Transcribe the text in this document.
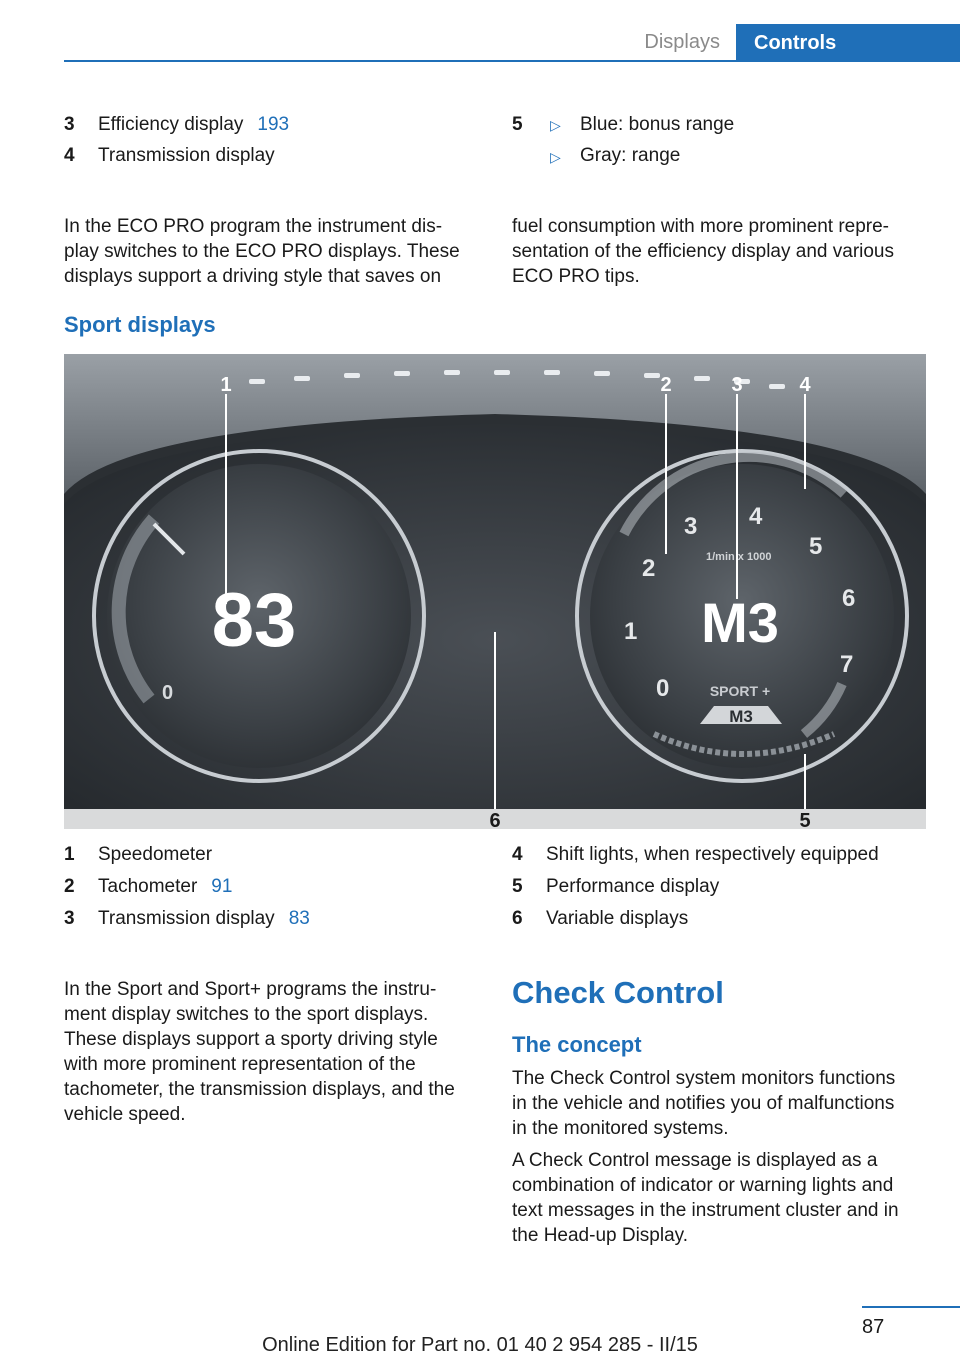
Displays	Controls
3	Efficiency display 193
4	Transmission display
5	▷ Blue: bonus range
▷ Gray: range
In the ECO PRO program the instrument dis-
play switches to the ECO PRO displays. These
displays support a driving style that saves on
fuel consumption with more prominent repre-
sentation of the efficiency display and various
ECO PRO tips.
Sport displays
83
0	0
1
2
3 4
5
6
7
1/min x 1000
M3
SPORT +
M3
1	2	3	4
5
6
1	Speedometer
2	Tachometer 91
3	Transmission display 83
4	Shift lights, when respectively equipped
5	Performance display
6	Variable displays
In the Sport and Sport+ programs the instru-
ment display switches to the sport displays.
These displays support a sporty driving style
with more prominent representation of the
tachometer, the transmission displays, and the
vehicle speed.
Check Control
The concept
The Check Control system monitors functions
in the vehicle and notifies you of malfunctions
in the monitored systems.
A Check Control message is displayed as a
combination of indicator or warning lights and
text messages in the instrument cluster and in
the Head-up Display.
87
Online Edition for Part no. 01 40 2 954 285 - II/15
